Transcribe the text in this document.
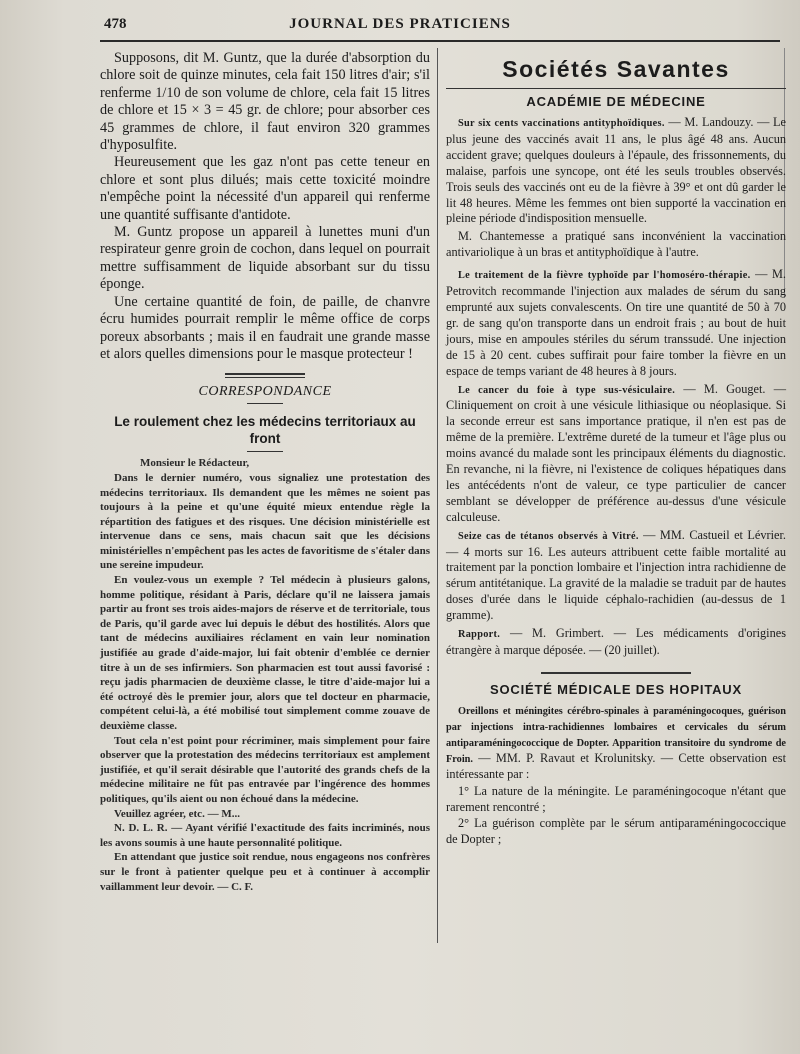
478	JOURNAL DES PRATICIENS

Supposons, dit M. Guntz, que la durée d'absorption du chlore soit de quinze minutes, cela fait 150 litres d'air; s'il renferme 1/10 de son volume de chlore, cela fait 15 litres de chlore et 15 × 3 = 45 gr. de chlore; pour absorber ces 45 grammes de chlore, il faut environ 320 grammes d'hyposulfite.

Heureusement que les gaz n'ont pas cette teneur en chlore et sont plus dilués; mais cette toxicité moindre n'empêche point la nécessité d'un appareil qui renferme une quantité suffisante d'antidote.

M. Guntz propose un appareil à lunettes muni d'un respirateur genre groin de cochon, dans lequel on pourrait mettre suffisamment de liquide absorbant sur du tissu éponge.

Une certaine quantité de foin, de paille, de chanvre écru humides pourrait remplir le même office de corps poreux absorbants ; mais il en faudrait une grande masse et alors quelles dimensions pour le masque protecteur !

CORRESPONDANCE
Le roulement chez les médecins territoriaux au front

Monsieur le Rédacteur,

Dans le dernier numéro, vous signaliez une protestation des médecins territoriaux. Ils demandent que les mêmes ne soient pas toujours à la peine et qu'une équité mieux entendue règle la répartition des fatigues et des risques. Une décision ministérielle est intervenue dans ce sens, mais chacun sait que les décisions ministérielles n'empêchent pas les actes de favoritisme de s'étaler dans une sereine impudeur.

En voulez-vous un exemple ? Tel médecin à plusieurs galons, homme politique, résidant à Paris, déclare qu'il ne laissera jamais partir au front ses trois aides-majors de réserve et de territoriale, tous de Paris, qu'il garde avec lui depuis le début des hostilités. Alors que tant de médecins auxiliaires réclament en vain leur nomination justifiée au grade d'aide-major, lui fait obtenir d'emblée ce dernier titre à un de ses infirmiers. Son pharmacien est tout aussi favorisé : reçu jadis pharmacien de deuxième classe, le titre d'aide-major lui a été octroyé dès le premier jour, alors que tel docteur en pharmacie, compétent celui-là, a été mobilisé tout simplement comme zouave de deuxième classe.

Tout cela n'est point pour récriminer, mais simplement pour faire observer que la protestation des médecins territoriaux est amplement justifiée, et qu'il serait désirable que l'autorité des grands chefs de la médecine militaire ne fût pas entravée par l'ingérence des hommes politiques, qu'ils aient ou non échoué dans la médecine.

Veuillez agréer, etc. — M...

N. D. L. R. — Ayant vérifié l'exactitude des faits incriminés, nous les avons soumis à une haute personnalité politique.

En attendant que justice soit rendue, nous engageons nos confrères sur le front à patienter quelque peu et à continuer à accomplir vaillamment leur devoir. — C. F.

Sociétés Savantes
ACADÉMIE DE MÉDECINE

Sur six cents vaccinations antityphoïdiques. — M. Landouzy. — Le plus jeune des vaccinés avait 11 ans, le plus âgé 48 ans. Aucun accident grave; quelques douleurs à l'épaule, des frissonnements, du malaise, parfois une syncope, ont été les seuls troubles observés. Trois seuls des vaccinés ont eu de la fièvre à 39° et ont dû garder le lit 48 heures. Même les femmes ont bien supporté la vaccination en pleine période d'indisposition mensuelle.

M. Chantemesse a pratiqué sans inconvénient la vaccination antivariolique à un bras et antityphoïdique à l'autre.

Le traitement de la fièvre typhoïde par l'homoséro-thérapie. — M. Petrovitch recommande l'injection aux malades de sérum du sang emprunté aux sujets convalescents. On tire une quantité de 50 à 70 gr. de sang qu'on transporte dans un endroit frais ; au bout de huit jours, mise en ampoules stériles du sérum transsudé. Une injection de 15 à 20 cent. cubes suffirait pour faire tomber la fièvre en un espace de temps variant de 48 heures à 8 jours.

Le cancer du foie à type sus-vésiculaire. — M. Gouget. — Cliniquement on croit à une vésicule lithiasique ou néoplasique. Si la seconde erreur est sans importance pratique, il n'en est pas de même de la première. L'extrême dureté de la tumeur et l'âge plus ou moins avancé du malade sont les principaux éléments du diagnostic. En revanche, ni la fièvre, ni l'existence de coliques hépatiques dans les antécédents n'ont de valeur, ce type particulier de cancer semblant se développer de préférence au-dessus d'une vésicule calculeuse.

Seize cas de tétanos observés à Vitré. — MM. Castueil et Lévrier. — 4 morts sur 16. Les auteurs attribuent cette faible mortalité au traitement par la ponction lombaire et l'injection intra rachidienne de sérum antitétanique. La gravité de la maladie se traduit par de hautes doses d'urée dans le liquide céphalo-rachidien (au-dessus de 1 gramme).

Rapport. — M. Grimbert. — Les médicaments d'origines étrangère à marque déposée. — (20 juillet).

SOCIÉTÉ MÉDICALE DES HOPITAUX

Oreillons et méningites cérébro-spinales à paraméningocoques, guérison par injections intra-rachidiennes lombaires et cervicales du sérum antiparaméningococcique de Dopter. Apparition transitoire du syndrome de Froin. — MM. P. Ravaut et Krolunitsky. — Cette observation est intéressante par :

1° La nature de la méningite. Le paraméningocoque n'étant que rarement rencontré ;

2° La guérison complète par le sérum antiparaméningococcique de Dopter ;
